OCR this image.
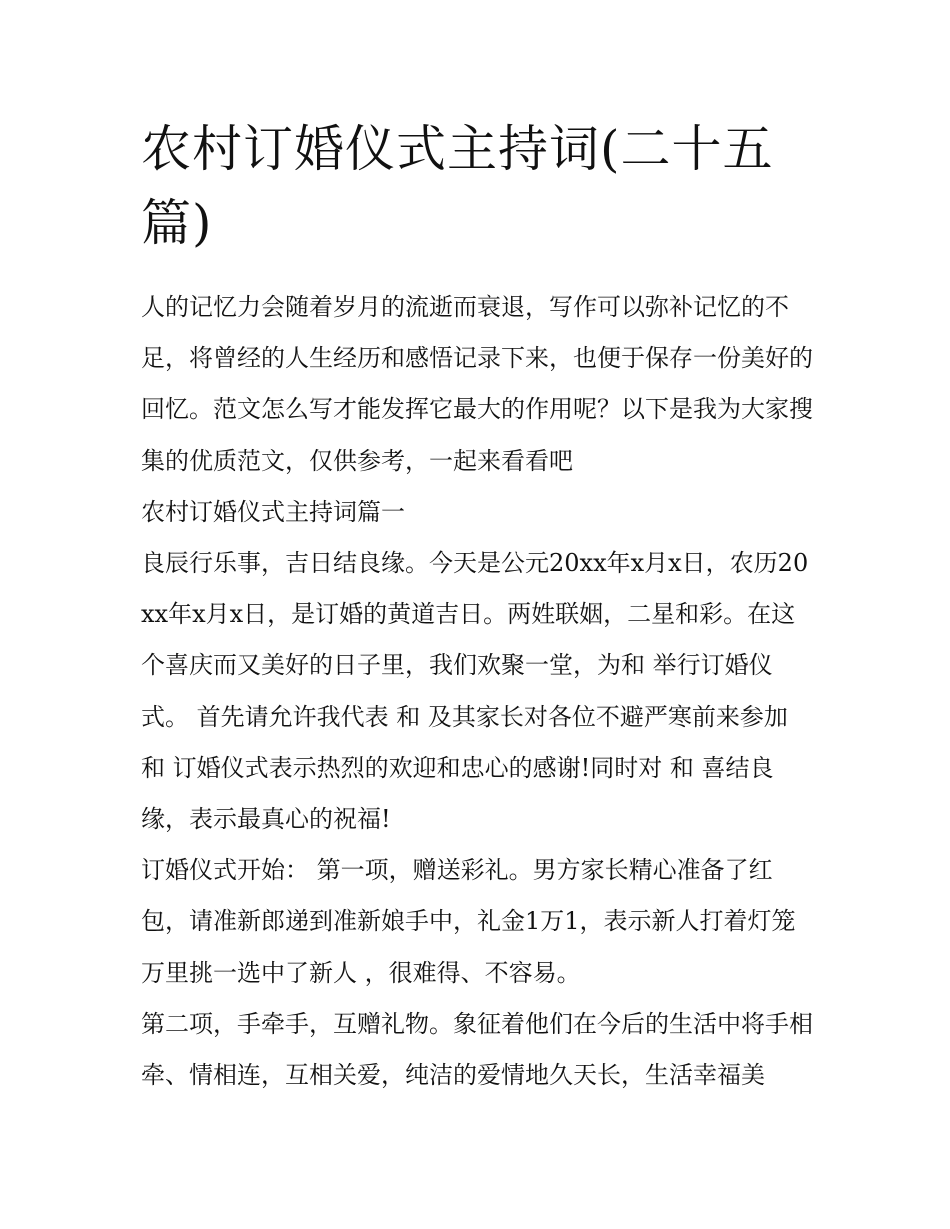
农村订婚仪式主持词(二十五篇)

人的记忆力会随着岁月的流逝而衰退，写作可以弥补记忆的不足，将曾经的人生经历和感悟记录下来，也便于保存一份美好的回忆。范文怎么写才能发挥它最大的作用呢？以下是我为大家搜集的优质范文，仅供参考，一起来看看吧

农村订婚仪式主持词篇一

良辰行乐事，吉日结良缘。今天是公元20xx年x月x日，农历20xx年x月x日，是订婚的黄道吉日。两姓联姻，二星和彩。在这个喜庆而又美好的日子里，我们欢聚一堂，为和 举行订婚仪式。 首先请允许我代表 和 及其家长对各位不避严寒前来参加 和 订婚仪式表示热烈的欢迎和忠心的感谢!同时对 和 喜结良缘，表示最真心的祝福!

订婚仪式开始： 第一项，赠送彩礼。男方家长精心准备了红包，请准新郎递到准新娘手中，礼金1万1，表示新人打着灯笼万里挑一选中了新人 ，很难得、不容易。

第二项，手牵手，互赠礼物。象征着他们在今后的生活中将手相牵、情相连，互相关爱，纯洁的爱情地久天长，生活幸福美
